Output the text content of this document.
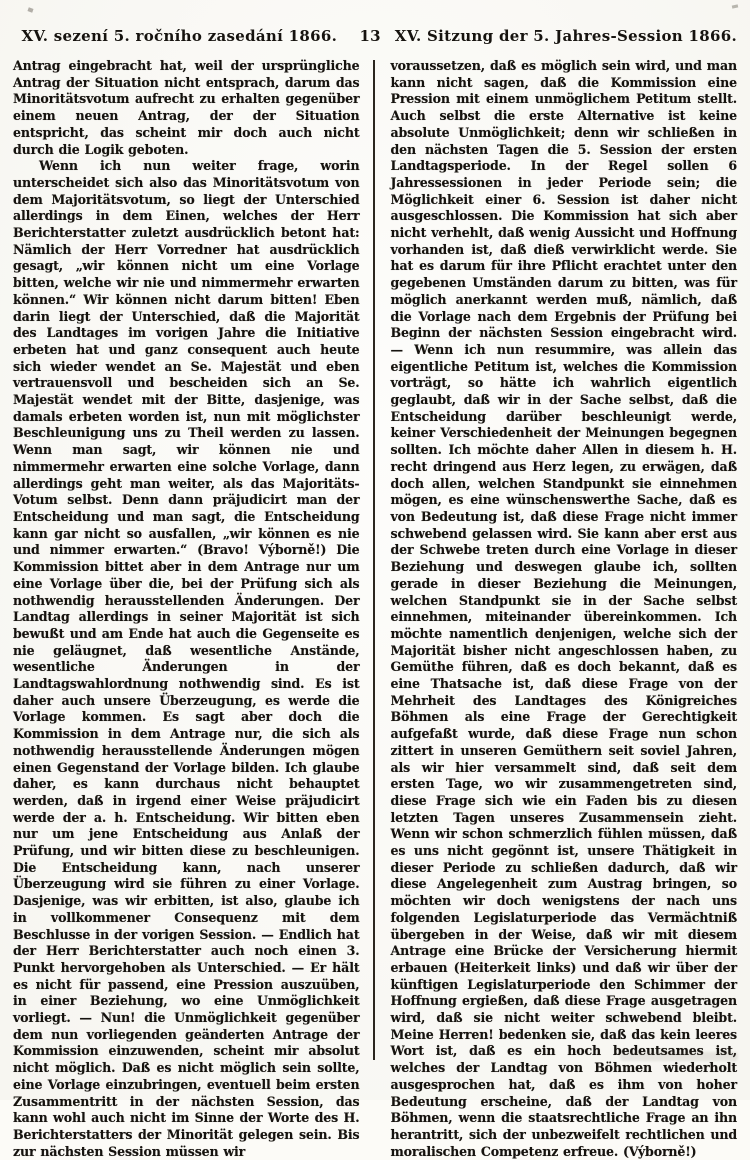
XV. sezení 5. ročního zasedání 1866.	13 XV. Sitzung der 5. Jahres-Session 1866.

Antrag eingebracht hat, weil der ursprüngliche Antrag der Situation nicht entsprach, darum das Minoritätsvotum aufrecht zu erhalten gegenüber einem neuen Antrag, der der Situation entspricht, das scheint mir doch auch nicht durch die Logik geboten.

Wenn ich nun weiter frage, worin unterscheidet sich also das Minoritätsvotum von dem Majoritätsvotum, so liegt der Unterschied allerdings in dem Einen, welches der Herr Berichterstatter zuletzt ausdrücklich betont hat: Nämlich der Herr Vorredner hat ausdrücklich gesagt, „wir können nicht um eine Vorlage bitten, welche wir nie und nimmermehr erwarten können.“ Wir können nicht darum bitten! Eben darin liegt der Unterschied, daß die Majorität des Landtages im vorigen Jahre die Initiative erbeten hat und ganz consequent auch heute sich wieder wendet an Se. Majestät und eben vertrauensvoll und bescheiden sich an Se. Majestät wendet mit der Bitte, dasjenige, was damals erbeten worden ist, nun mit möglichster Beschleunigung uns zu Theil werden zu lassen. Wenn man sagt, wir können nie und nimmermehr erwarten eine solche Vorlage, dann allerdings geht man weiter, als das Majoritäts-Votum selbst. Denn dann präjudicirt man der Entscheidung und man sagt, die Entscheidung kann gar nicht so ausfallen, „wir können es nie und nimmer erwarten.“ (Bravo! Výborně!) Die Kommission bittet aber in dem Antrage nur um eine Vorlage über die, bei der Prüfung sich als nothwendig herausstellenden Änderungen. Der Landtag allerdings in seiner Majorität ist sich bewußt und am Ende hat auch die Gegenseite es nie geläugnet, daß wesentliche Anstände, wesentliche Änderungen in der Landtagswahlordnung nothwendig sind. Es ist daher auch unsere Überzeugung, es werde die Vorlage kommen. Es sagt aber doch die Kommission in dem Antrage nur, die sich als nothwendig herausstellende Änderungen mögen einen Gegenstand der Vorlage bilden. Ich glaube daher, es kann durchaus nicht behauptet werden, daß in irgend einer Weise präjudicirt werde der a. h. Entscheidung. Wir bitten eben nur um jene Entscheidung aus Anlaß der Prüfung, und wir bitten diese zu beschleunigen. Die Entscheidung kann, nach unserer Überzeugung wird sie führen zu einer Vorlage. Dasjenige, was wir erbitten, ist also, glaube ich in vollkommener Consequenz mit dem Beschlusse in der vorigen Session. — Endlich hat der Herr Berichterstatter auch noch einen 3. Punkt hervorgehoben als Unterschied. — Er hält es nicht für passend, eine Pression auszuüben, in einer Beziehung, wo eine Unmöglichkeit vorliegt. — Nun! die Unmöglichkeit gegenüber dem nun vorliegenden geänderten Antrage der Kommission einzuwenden, scheint mir absolut nicht möglich. Daß es nicht möglich sein sollte, eine Vorlage einzubringen, eventuell beim ersten Zusammentritt in der nächsten Session, das kann wohl auch nicht im Sinne der Worte des H. Berichterstatters der Minorität gelegen sein. Bis zur nächsten Session müssen wir

voraussetzen, daß es möglich sein wird, und man kann nicht sagen, daß die Kommission eine Pression mit einem unmöglichem Petitum stellt. Auch selbst die erste Alternative ist keine absolute Unmöglichkeit; denn wir schließen in den nächsten Tagen die 5. Session der ersten Landtagsperiode. In der Regel sollen 6 Jahressessionen in jeder Periode sein; die Möglichkeit einer 6. Session ist daher nicht ausgeschlossen. Die Kommission hat sich aber nicht verhehlt, daß wenig Aussicht und Hoffnung vorhanden ist, daß dieß verwirklicht werde. Sie hat es darum für ihre Pflicht erachtet unter den gegebenen Umständen darum zu bitten, was für möglich anerkannt werden muß, nämlich, daß die Vorlage nach dem Ergebnis der Prüfung bei Beginn der nächsten Session eingebracht wird. — Wenn ich nun resummire, was allein das eigentliche Petitum ist, welches die Kommission vorträgt, so hätte ich wahrlich eigentlich geglaubt, daß wir in der Sache selbst, daß die Entscheidung darüber beschleunigt werde, keiner Verschiedenheit der Meinungen begegnen sollten. Ich möchte daher Allen in diesem h. H. recht dringend aus Herz legen, zu erwägen, daß doch allen, welchen Standpunkt sie einnehmen mögen, es eine wünschenswerthe Sache, daß es von Bedeutung ist, daß diese Frage nicht immer schwebend gelassen wird. Sie kann aber erst aus der Schwebe treten durch eine Vorlage in dieser Beziehung und deswegen glaube ich, sollten gerade in dieser Beziehung die Meinungen, welchen Standpunkt sie in der Sache selbst einnehmen, miteinander übereinkommen. Ich möchte namentlich denjenigen, welche sich der Majorität bisher nicht angeschlossen haben, zu Gemüthe führen, daß es doch bekannt, daß es eine Thatsache ist, daß diese Frage von der Mehrheit des Landtages des Königreiches Böhmen als eine Frage der Gerechtigkeit aufgefaßt wurde, daß diese Frage nun schon zittert in unseren Gemüthern seit soviel Jahren, als wir hier versammelt sind, daß seit dem ersten Tage, wo wir zusammengetreten sind, diese Frage sich wie ein Faden bis zu diesen letzten Tagen unseres Zusammensein zieht. Wenn wir schon schmerzlich fühlen müssen, daß es uns nicht gegönnt ist, unsere Thätigkeit in dieser Periode zu schließen dadurch, daß wir diese Angelegenheit zum Austrag bringen, so möchten wir doch wenigstens der nach uns folgenden Legislaturperiode das Vermächtniß übergeben in der Weise, daß wir mit diesem Antrage eine Brücke der Versicherung hiermit erbauen (Heiterkeit links) und daß wir über der künftigen Legislaturperiode den Schimmer der Hoffnung ergießen, daß diese Frage ausgetragen wird, daß sie nicht weiter schwebend bleibt. Meine Herren! bedenken sie, daß das kein leeres Wort ist, daß es ein hoch bedeutsames ist, welches der Landtag von Böhmen wiederholt ausgesprochen hat, daß es ihm von hoher Bedeutung erscheine, daß der Landtag von Böhmen, wenn die staatsrechtliche Frage an ihn herantritt, sich der unbezweifelt rechtlichen und moralischen Competenz erfreue. (Výborně!)
